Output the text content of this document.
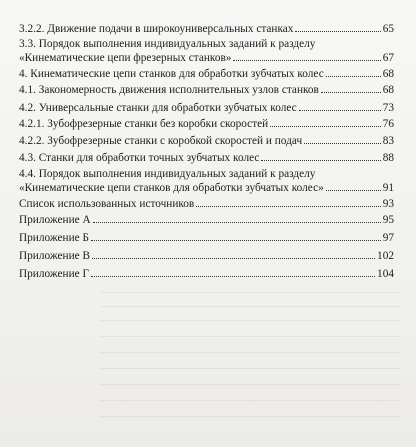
3.2.2. Движение подачи в широкоуниверсальных станках	65
3.3. Порядок выполнения индивидуальных заданий к разделу
«Кинематические цепи фрезерных станков»	67
4. Кинематические цепи станков для обработки зубчатых колес	68
4.1. Закономерность движения исполнительных узлов станков	68
4.2. Универсальные станки для обработки зубчатых колес	73
4.2.1. Зубофрезерные станки без коробки скоростей	76
4.2.2. Зубофрезерные станки с коробкой скоростей и подач	83
4.3. Станки для обработки точных зубчатых колес	88
4.4. Порядок выполнения индивидуальных заданий к разделу
«Кинематические цепи станков для обработки зубчатых колес»	91
Список использованных источников	93
Приложение А	95
Приложение Б	97
Приложение В	102
Приложение Г	104
